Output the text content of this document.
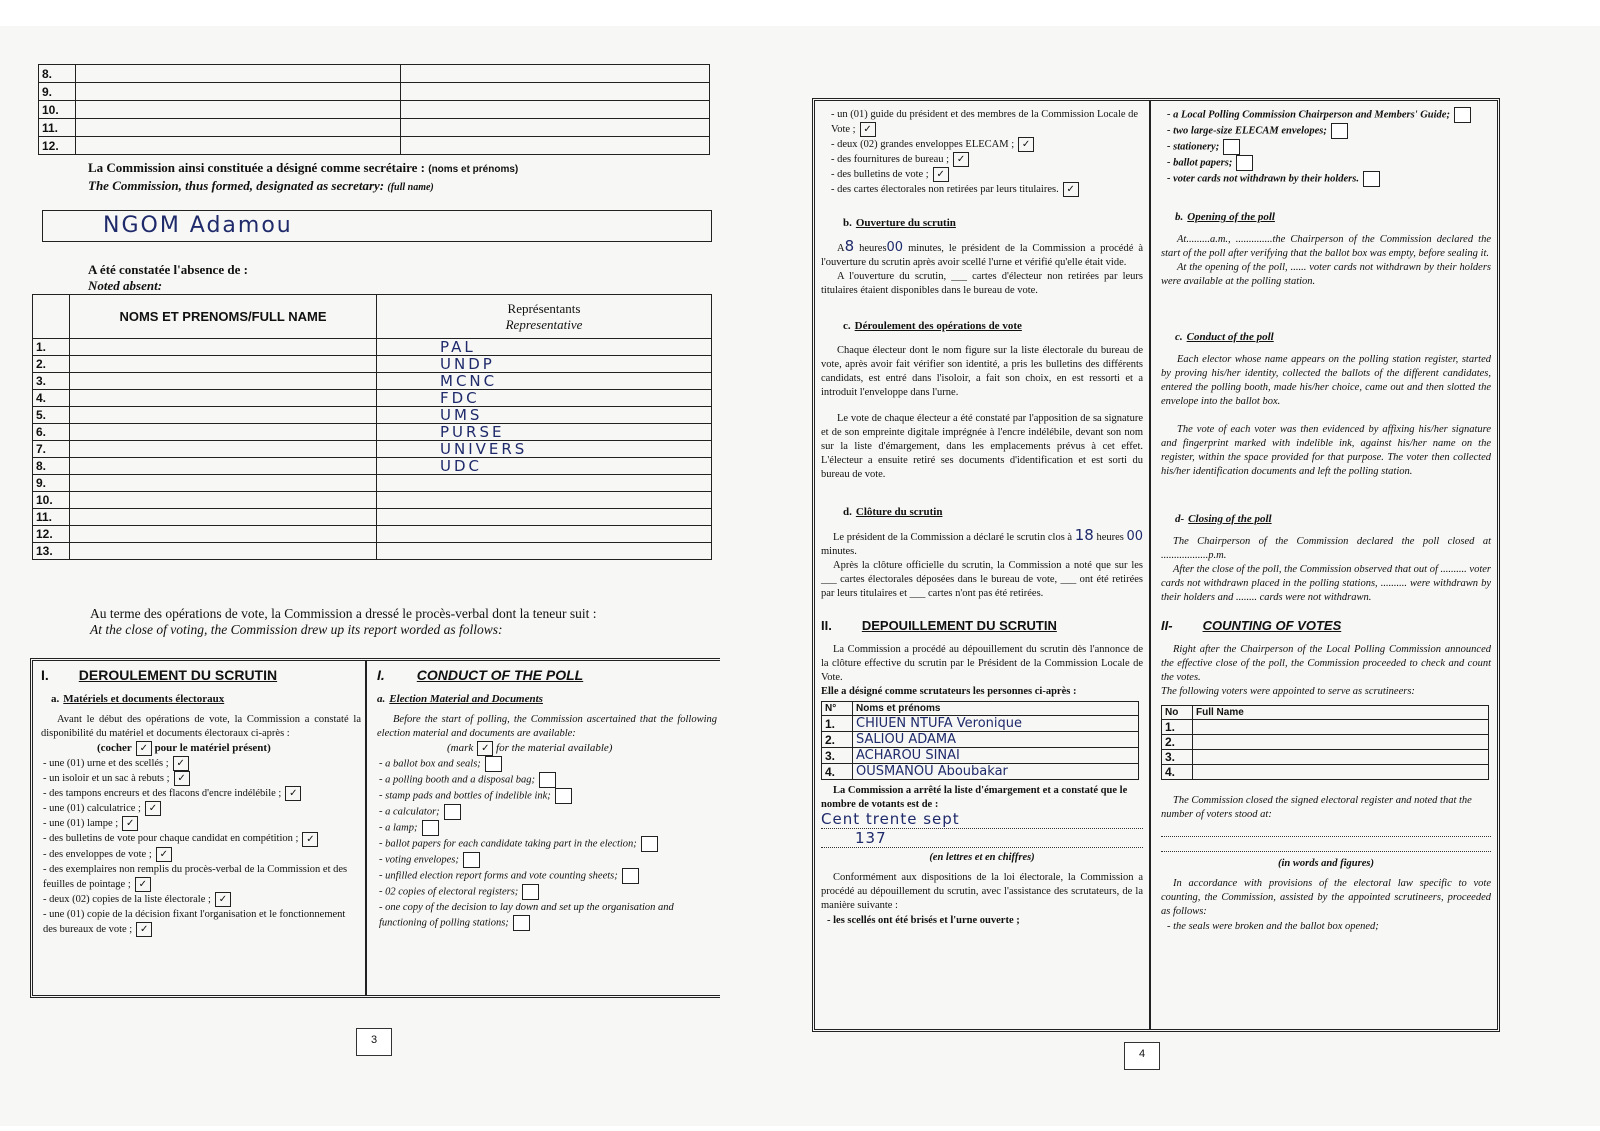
8.		
9.		
10.		
11.		
12.		
La Commission ainsi constituée a désigné comme secrétaire : (noms et prénoms)
The Commission, thus formed, designated as secretary: (full name)
NGOM Adamou
A été constatée l'absence de :
Noted absent:
	NOMS ET PRENOMS/FULL NAME	Représentants
Representative

1.		PAL
2.		UNDP
3.		MCNC
4.		FDC
5.		UMS
6.		PURSE
7.		UNIVERS
8.		UDC
9.		
10.		
11.		
12.		
13.		
Au terme des opérations de vote, la Commission a dressé le procès-verbal dont la teneur suit :
At the close of voting, the Commission drew up its report worded as follows:
I. DEROULEMENT DU SCRUTIN
a. Matériels et documents électoraux

Avant le début des opérations de vote, la Commission a constaté la disponibilité du matériel et documents électoraux ci-après :

(cocher ✓ pour le matériel présent)
- une (01) urne et des scellés ; ✓
- un isoloir et un sac à rebuts ; ✓
- des tampons encreurs et des flacons d'encre indélébile ; ✓
- une (01) calculatrice ; ✓
- une (01) lampe ; ✓
- des bulletins de vote pour chaque candidat en compétition ; ✓
- des enveloppes de vote ; ✓
- des exemplaires non remplis du procès-verbal de la Commission et des feuilles de pointage ; ✓
- deux (02) copies de la liste électorale ; ✓
- une (01) copie de la décision fixant l'organisation et le fonctionnement des bureaux de vote ; ✓
I. CONDUCT OF THE POLL
a. Election Material and Documents

Before the start of polling, the Commission ascertained that the following election material and documents are available:

(mark ✓ for the material available)
- a ballot box and seals;
- a polling booth and a disposal bag;
- stamp pads and bottles of indelible ink;
- a calculator;
- a lamp;
- ballot papers for each candidate taking part in the election;
- voting envelopes;
- unfilled election report forms and vote counting sheets;
- 02 copies of electoral registers;
- one copy of the decision to lay down and set up the organisation and functioning of polling stations;
3
- un (01) guide du président et des membres de la Commission Locale de Vote ; ✓
- deux (02) grandes enveloppes ELECAM ; ✓
- des fournitures de bureau ; ✓
- des bulletins de vote ; ✓
- des cartes électorales non retirées par leurs titulaires. ✓
b. Ouverture du scrutin

A8 heures00 minutes, le président de la Commission a procédé à l'ouverture du scrutin après avoir scellé l'urne et vérifié qu'elle était vide.

A l'ouverture du scrutin, ___ cartes d'électeur non retirées par leurs titulaires étaient disponibles dans le bureau de vote.

c. Déroulement des opérations de vote

Chaque électeur dont le nom figure sur la liste électorale du bureau de vote, après avoir fait vérifier son identité, a pris les bulletins des différents candidats, est entré dans l'isoloir, a fait son choix, en est ressorti et a introduit l'enveloppe dans l'urne.

Le vote de chaque électeur a été constaté par l'apposition de sa signature et de son empreinte digitale imprégnée à l'encre indélébile, devant son nom sur la liste d'émargement, dans les emplacements prévus à cet effet. L'électeur a ensuite retiré ses documents d'identification et est sorti du bureau de vote.

d. Clôture du scrutin

Le président de la Commission a déclaré le scrutin clos à 18 heures 00 minutes.

Après la clôture officielle du scrutin, la Commission a noté que sur les ___ cartes électorales déposées dans le bureau de vote, ___ ont été retirées par leurs titulaires et ___ cartes n'ont pas été retirées.

II. DEPOUILLEMENT DU SCRUTIN

La Commission a procédé au dépouillement du scrutin dès l'annonce de la clôture effective du scrutin par le Président de la Commission Locale de Vote.

Elle a désigné comme scrutateurs les personnes ci-après :

N°	Noms et prénoms
1.	CHIUEN NTUFA Veronique
2.	SALIOU ADAMA
3.	ACHAROU SINAI
4.	OUSMANOU Aboubakar

La Commission a arrêté la liste d'émargement et a constaté que le nombre de votants est de :

Cent trente sept
137
(en lettres et en chiffres)

Conformément aux dispositions de la loi électorale, la Commission a procédé au dépouillement du scrutin, avec l'assistance des scrutateurs, de la manière suivante :

- les scellés ont été brisés et l'urne ouverte ;
- a Local Polling Commission Chairperson and Members' Guide;
- two large-size ELECAM envelopes;
- stationery;
- ballot papers;
- voter cards not withdrawn by their holders.
b. Opening of the poll

At.........a.m., ..............the Chairperson of the Commission declared the start of the poll after verifying that the ballot box was empty, before sealing it.

At the opening of the poll, ...... voter cards not withdrawn by their holders were available at the polling station.

c. Conduct of the poll

Each elector whose name appears on the polling station register, started by proving his/her identity, collected the ballots of the different candidates, entered the polling booth, made his/her choice, came out and then slotted the envelope into the ballot box.

The vote of each voter was then evidenced by affixing his/her signature and fingerprint marked with indelible ink, against his/her name on the register, within the space provided for that purpose. The voter then collected his/her identification documents and left the polling station.

d- Closing of the poll

The Chairperson of the Commission declared the poll closed at ..................p.m.

After the close of the poll, the Commission observed that out of .......... voter cards not withdrawn placed in the polling stations, .......... were withdrawn by their holders and ........ cards were not withdrawn.

II- COUNTING OF VOTES

Right after the Chairperson of the Local Polling Commission announced the effective close of the poll, the Commission proceeded to check and count the votes.

The following voters were appointed to serve as scrutineers:

No	Full Name
1.	
2.	
3.	
4.	

The Commission closed the signed electoral register and noted that the number of voters stood at:

(in words and figures)

In accordance with provisions of the electoral law specific to vote counting, the Commission, assisted by the appointed scrutineers, proceeded as follows:

- the seals were broken and the ballot box opened;
4
